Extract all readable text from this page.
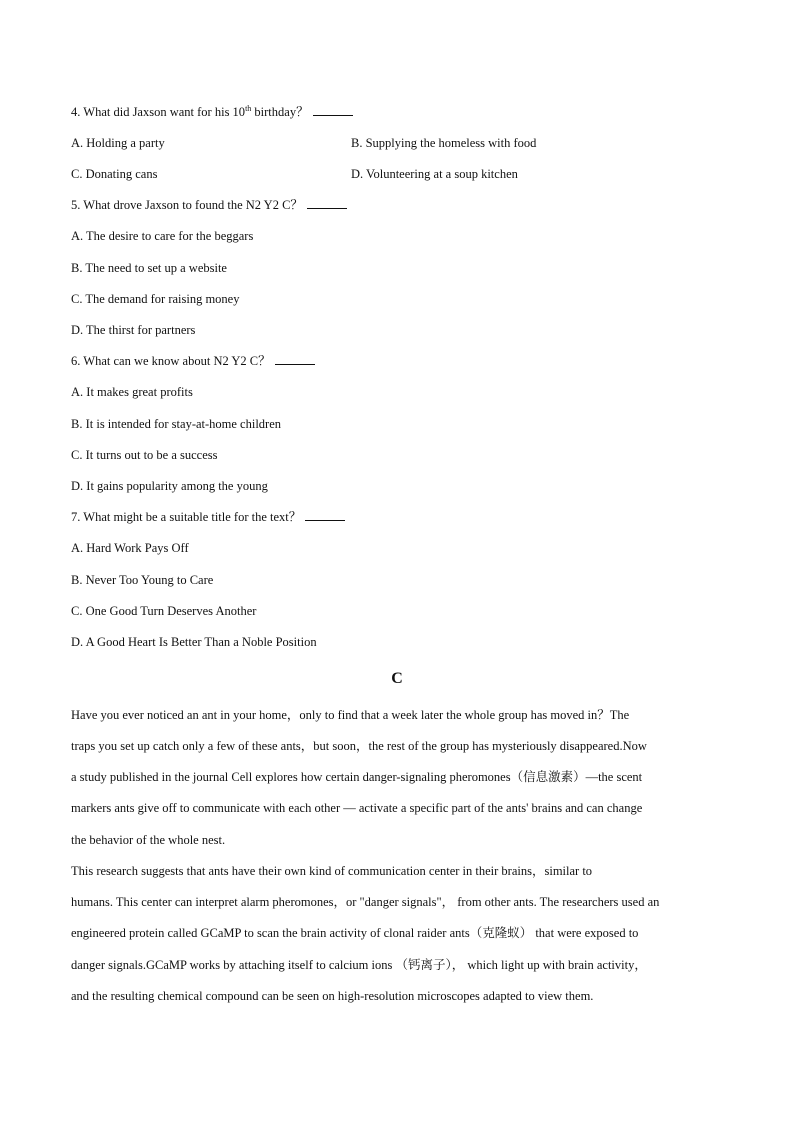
4. What did Jaxson want for his 10th birthday？
A. Holding a party	B. Supplying the homeless with food
C. Donating cans	D. Volunteering at a soup kitchen
5. What drove Jaxson to found the N2 Y2 C？
A. The desire to care for the beggars
B. The need to set up a website
C. The demand for raising money
D. The thirst for partners
6. What can we know about N2 Y2 C？
A. It makes great profits
B. It is intended for stay-at-home children
C. It turns out to be a success
D. It gains popularity among the young
7. What might be a suitable title for the text？
A. Hard Work Pays Off
B. Never Too Young to Care
C. One Good Turn Deserves Another
D. A Good Heart Is Better Than a Noble Position
C
Have you ever noticed an ant in your home，only to find that a week later the whole group has moved in？The
traps you set up catch only a few of these ants，but soon，the rest of the group has mysteriously disappeared.Now
a study published in the journal Cell explores how certain danger-signaling pheromones（信息激素）—the scent
markers ants give off to communicate with each other — activate a specific part of the ants' brains and can change
the behavior of the whole nest.
This research suggests that ants have their own kind of communication center in their brains，similar to
humans. This center can interpret alarm pheromones，or "danger signals"， from other ants. The researchers used an
engineered protein called GCaMP to scan the brain activity of clonal raider ants（克隆蚁） that were exposed to
danger signals.GCaMP works by attaching itself to calcium ions （钙离子）， which light up with brain activity，
and the resulting chemical compound can be seen on high-resolution microscopes adapted to view them.
